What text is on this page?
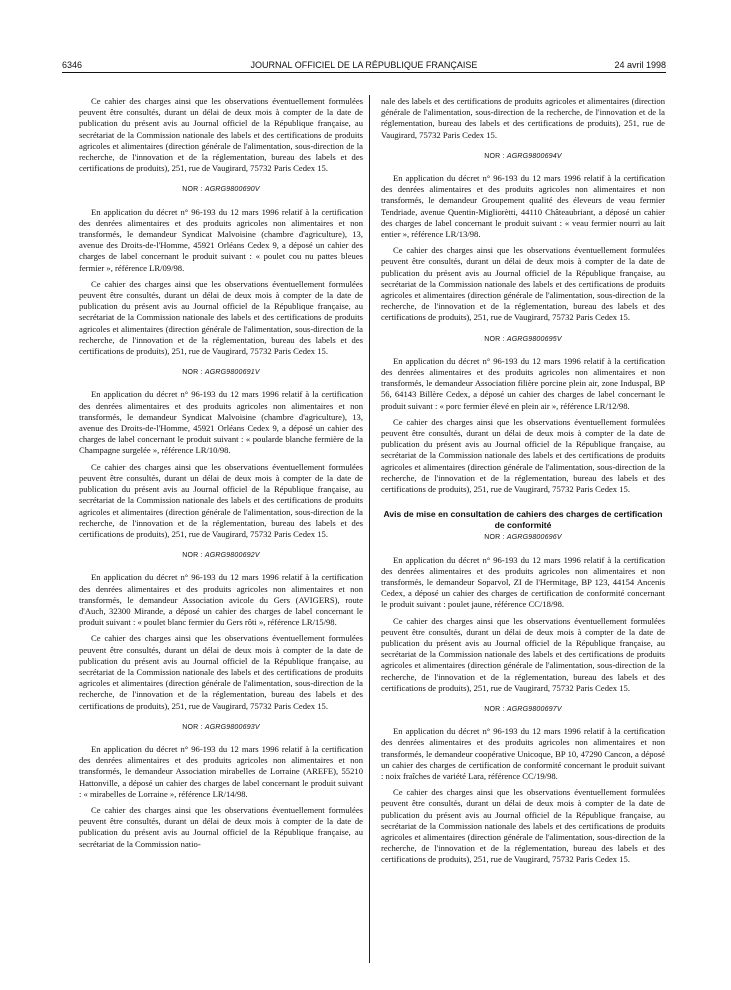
6346	JOURNAL OFFICIEL DE LA RÉPUBLIQUE FRANÇAISE	24 avril 1998

Ce cahier des charges ainsi que les observations éventuellement formulées peuvent être consultés, durant un délai de deux mois à compter de la date de publication du présent avis au Journal officiel de la République française, au secrétariat de la Commission nationale des labels et des certifications de produits agricoles et alimentaires (direction générale de l'alimentation, sous-direction de la recherche, de l'innovation et de la réglementation, bureau des labels et des certifications de produits), 251, rue de Vaugirard, 75732 Paris Cedex 15.

NOR : AGRG9800690V

En application du décret n° 96-193 du 12 mars 1996 relatif à la certification des denrées alimentaires et des produits agricoles non alimentaires et non transformés, le demandeur Syndicat Malvoisine (chambre d'agriculture), 13, avenue des Droits-de-l'Homme, 45921 Orléans Cedex 9, a déposé un cahier des charges de label concernant le produit suivant : « poulet cou nu pattes bleues fermier », référence LR/09/98.

Ce cahier des charges ainsi que les observations éventuellement formulées peuvent être consultés, durant un délai de deux mois à compter de la date de publication du présent avis au Journal officiel de la République française, au secrétariat de la Commission nationale des labels et des certifications de produits agricoles et alimentaires (direction générale de l'alimentation, sous-direction de la recherche, de l'innovation et de la réglementation, bureau des labels et des certifications de produits), 251, rue de Vaugirard, 75732 Paris Cedex 15.

NOR : AGRG9800691V

En application du décret n° 96-193 du 12 mars 1996 relatif à la certification des denrées alimentaires et des produits agricoles non alimentaires et non transformés, le demandeur Syndicat Malvoisine (chambre d'agriculture), 13, avenue des Droits-de-l'Homme, 45921 Orléans Cedex 9, a déposé un cahier des charges de label concernant le produit suivant : « poularde blanche fermière de la Champagne surgelée », référence LR/10/98.

Ce cahier des charges ainsi que les observations éventuellement formulées peuvent être consultés, durant un délai de deux mois à compter de la date de publication du présent avis au Journal officiel de la République française, au secrétariat de la Commission nationale des labels et des certifications de produits agricoles et alimentaires (direction générale de l'alimentation, sous-direction de la recherche, de l'innovation et de la réglementation, bureau des labels et des certifications de produits), 251, rue de Vaugirard, 75732 Paris Cedex 15.

NOR : AGRG9800692V

En application du décret n° 96-193 du 12 mars 1996 relatif à la certification des denrées alimentaires et des produits agricoles non alimentaires et non transformés, le demandeur Association avicole du Gers (AVIGERS), route d'Auch, 32300 Mirande, a déposé un cahier des charges de label concernant le produit suivant : « poulet blanc fermier du Gers rôti », référence LR/15/98.

Ce cahier des charges ainsi que les observations éventuellement formulées peuvent être consultés, durant un délai de deux mois à compter de la date de publication du présent avis au Journal officiel de la République française, au secrétariat de la Commission nationale des labels et des certifications de produits agricoles et alimentaires (direction générale de l'alimentation, sous-direction de la recherche, de l'innovation et de la réglementation, bureau des labels et des certifications de produits), 251, rue de Vaugirard, 75732 Paris Cedex 15.

NOR : AGRG9800693V

En application du décret n° 96-193 du 12 mars 1996 relatif à la certification des denrées alimentaires et des produits agricoles non alimentaires et non transformés, le demandeur Association mirabelles de Lorraine (AREFE), 55210 Hattonville, a déposé un cahier des charges de label concernant le produit suivant : « mirabelles de Lorraine », référence LR/14/98.

Ce cahier des charges ainsi que les observations éventuellement formulées peuvent être consultés, durant un délai de deux mois à compter de la date de publication du présent avis au Journal officiel de la République française, au secrétariat de la Commission natio-

nale des labels et des certifications de produits agricoles et alimentaires (direction générale de l'alimentation, sous-direction de la recherche, de l'innovation et de la réglementation, bureau des labels et des certifications de produits), 251, rue de Vaugirard, 75732 Paris Cedex 15.

NOR : AGRG9800694V

En application du décret n° 96-193 du 12 mars 1996 relatif à la certification des denrées alimentaires et des produits agricoles non alimentaires et non transformés, le demandeur Groupement qualité des éleveurs de veau fermier Tendriade, avenue Quentin-Migliorètti, 44110 Châteaubriant, a déposé un cahier des charges de label concernant le produit suivant : « veau fermier nourri au lait entier », référence LR/13/98.

Ce cahier des charges ainsi que les observations éventuellement formulées peuvent être consultés, durant un délai de deux mois à compter de la date de publication du présent avis au Journal officiel de la République française, au secrétariat de la Commission nationale des labels et des certifications de produits agricoles et alimentaires (direction générale de l'alimentation, sous-direction de la recherche, de l'innovation et de la réglementation, bureau des labels et des certifications de produits), 251, rue de Vaugirard, 75732 Paris Cedex 15.

NOR : AGRG9800695V

En application du décret n° 96-193 du 12 mars 1996 relatif à la certification des denrées alimentaires et des produits agricoles non alimentaires et non transformés, le demandeur Association filière porcine plein air, zone Induspal, BP 56, 64143 Billère Cedex, a déposé un cahier des charges de label concernant le produit suivant : « porc fermier élevé en plein air », référence LR/12/98.

Ce cahier des charges ainsi que les observations éventuellement formulées peuvent être consultés, durant un délai de deux mois à compter de la date de publication du présent avis au Journal officiel de la République française, au secrétariat de la Commission nationale des labels et des certifications de produits agricoles et alimentaires (direction générale de l'alimentation, sous-direction de la recherche, de l'innovation et de la réglementation, bureau des labels et des certifications de produits), 251, rue de Vaugirard, 75732 Paris Cedex 15.

Avis de mise en consultation de cahiers des charges de certification de conformité
NOR : AGRG9800696V

En application du décret n° 96-193 du 12 mars 1996 relatif à la certification des denrées alimentaires et des produits agricoles non alimentaires et non transformés, le demandeur Soparvol, ZI de l'Hermitage, BP 123, 44154 Ancenis Cedex, a déposé un cahier des charges de certification de conformité concernant le produit suivant : poulet jaune, référence CC/18/98.

Ce cahier des charges ainsi que les observations éventuellement formulées peuvent être consultés, durant un délai de deux mois à compter de la date de publication du présent avis au Journal officiel de la République française, au secrétariat de la Commission nationale des labels et des certifications de produits agricoles et alimentaires (direction générale de l'alimentation, sous-direction de la recherche, de l'innovation et de la réglementation, bureau des labels et des certifications de produits), 251, rue de Vaugirard, 75732 Paris Cedex 15.

NOR : AGRG9800697V

En application du décret n° 96-193 du 12 mars 1996 relatif à la certification des denrées alimentaires et des produits agricoles non alimentaires et non transformés, le demandeur coopérative Unicoque, BP 10, 47290 Cancon, a déposé un cahier des charges de certification de conformité concernant le produit suivant : noix fraîches de variété Lara, référence CC/19/98.

Ce cahier des charges ainsi que les observations éventuellement formulées peuvent être consultés, durant un délai de deux mois à compter de la date de publication du présent avis au Journal officiel de la République française, au secrétariat de la Commission nationale des labels et des certifications de produits agricoles et alimentaires (direction générale de l'alimentation, sous-direction de la recherche, de l'innovation et de la réglementation, bureau des labels et des certifications de produits), 251, rue de Vaugirard, 75732 Paris Cedex 15.
